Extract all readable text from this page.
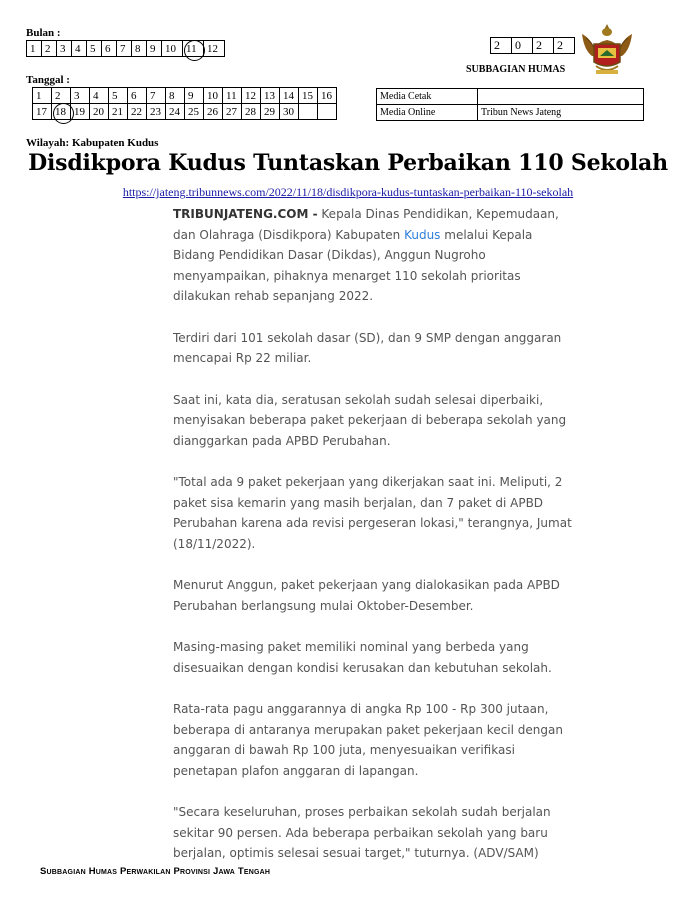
Bulan :
1	2	3	4	5	6	7	8	9	10	11	12
Tanggal :
1	2	3	4	5	6	7	8	9	10	11	12	13	14	15	16
17	18	19	20	21	22	23	24	25	26	27	28	29	30		
2	0	2	2
SUBBAGIAN HUMAS
Media Cetak	
Media Online	Tribun News Jateng
Wilayah: Kabupaten Kudus
Disdikpora Kudus Tuntaskan Perbaikan 110 Sekolah
https://jateng.tribunnews.com/2022/11/18/disdikpora-kudus-tuntaskan-perbaikan-110-sekolah

TRIBUNJATENG.COM - Kepala Dinas Pendidikan, Kepemudaan, dan Olahraga (Disdikpora) Kabupaten Kudus melalui Kepala Bidang Pendidikan Dasar (Dikdas), Anggun Nugroho menyampaikan, pihaknya menarget 110 sekolah prioritas dilakukan rehab sepanjang 2022.

Terdiri dari 101 sekolah dasar (SD), dan 9 SMP dengan anggaran mencapai Rp 22 miliar.

Saat ini, kata dia, seratusan sekolah sudah selesai diperbaiki, menyisakan beberapa paket pekerjaan di beberapa sekolah yang dianggarkan pada APBD Perubahan.

"Total ada 9 paket pekerjaan yang dikerjakan saat ini. Meliputi, 2 paket sisa kemarin yang masih berjalan, dan 7 paket di APBD Perubahan karena ada revisi pergeseran lokasi," terangnya, Jumat (18/11/2022).

Menurut Anggun, paket pekerjaan yang dialokasikan pada APBD Perubahan berlangsung mulai Oktober-Desember.

Masing-masing paket memiliki nominal yang berbeda yang disesuaikan dengan kondisi kerusakan dan kebutuhan sekolah.

Rata-rata pagu anggarannya di angka Rp 100 - Rp 300 jutaan, beberapa di antaranya merupakan paket pekerjaan kecil dengan anggaran di bawah Rp 100 juta, menyesuaikan verifikasi penetapan plafon anggaran di lapangan.

"Secara keseluruhan, proses perbaikan sekolah sudah berjalan sekitar 90 persen. Ada beberapa perbaikan sekolah yang baru berjalan, optimis selesai sesuai target," tuturnya. (ADV/SAM)

Subbagian Humas Perwakilan Provinsi Jawa Tengah
